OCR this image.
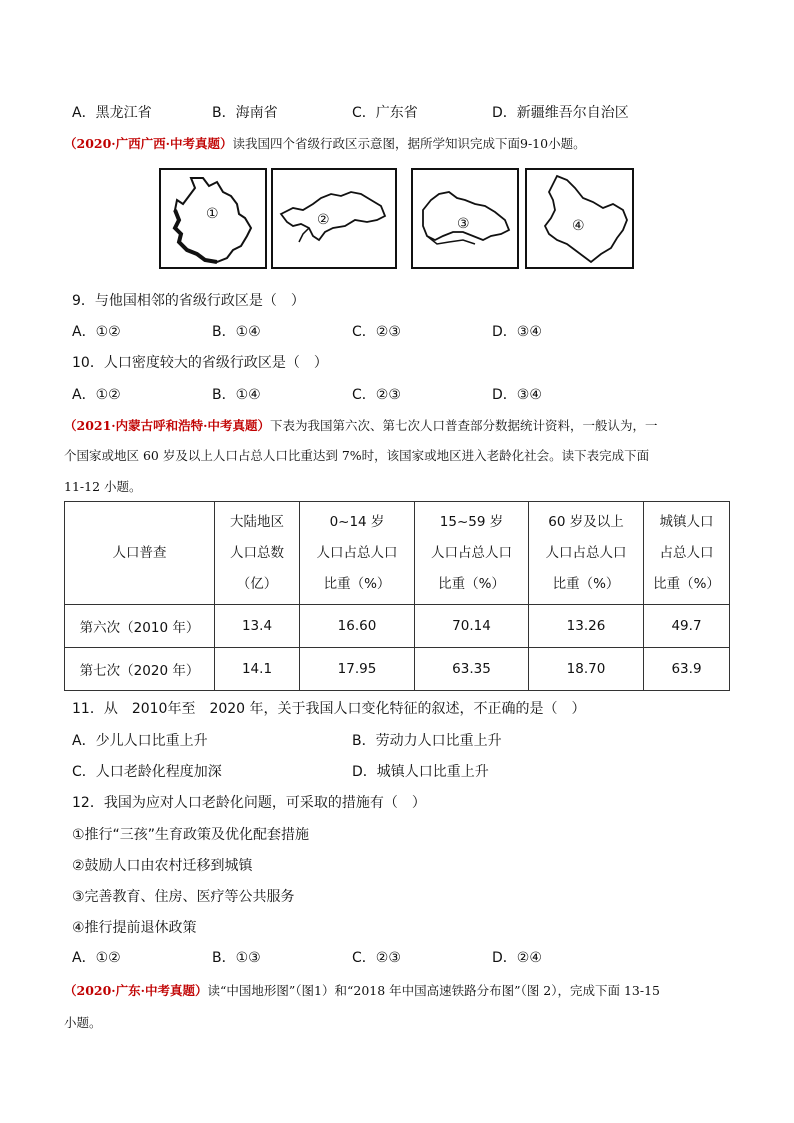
A．黑龙江省	B．海南省	C．广东省	D．新疆维吾尔自治区
（2020·广西广西·中考真题）读我国四个省级行政区示意图，据所学知识完成下面9-10小题。
①	②	③	④
9．与他国相邻的省级行政区是（　）
A．①②	B．①④	C．②③	D．③④
10．人口密度较大的省级行政区是（　）
A．①②	B．①④	C．②③	D．③④
（2021·内蒙古呼和浩特·中考真题）下表为我国第六次、第七次人口普查部分数据统计资料，一般认为，一
个国家或地区 60 岁及以上人口占总人口比重达到 7%时，该国家或地区进入老龄化社会。读下表完成下面
11-12 小题。
人口普查	大陆地区
人口总数
（亿）	0~14 岁
人口占总人口
比重（%）	15~59 岁
人口占总人口
比重（%）	60 岁及以上
人口占总人口
比重（%）	城镇人口
占总人口
比重（%）
第六次（2010 年）	13.4	16.60	70.14	13.26	49.7
第七次（2020 年）	14.1	17.95	63.35	18.70	63.9
11．从　2010年至　2020 年，关于我国人口变化特征的叙述，不正确的是（　）
A．少儿人口比重上升	B．劳动力人口比重上升
C．人口老龄化程度加深	D．城镇人口比重上升
12．我国为应对人口老龄化问题，可采取的措施有（　）
①推行“三孩”生育政策及优化配套措施
②鼓励人口由农村迁移到城镇
③完善教育、住房、医疗等公共服务
④推行提前退休政策
A．①②	B．①③	C．②③	D．②④
（2020·广东·中考真题）读“中国地形图”（图1）和“2018 年中国高速铁路分布图”（图 2），完成下面 13-15
小题。
